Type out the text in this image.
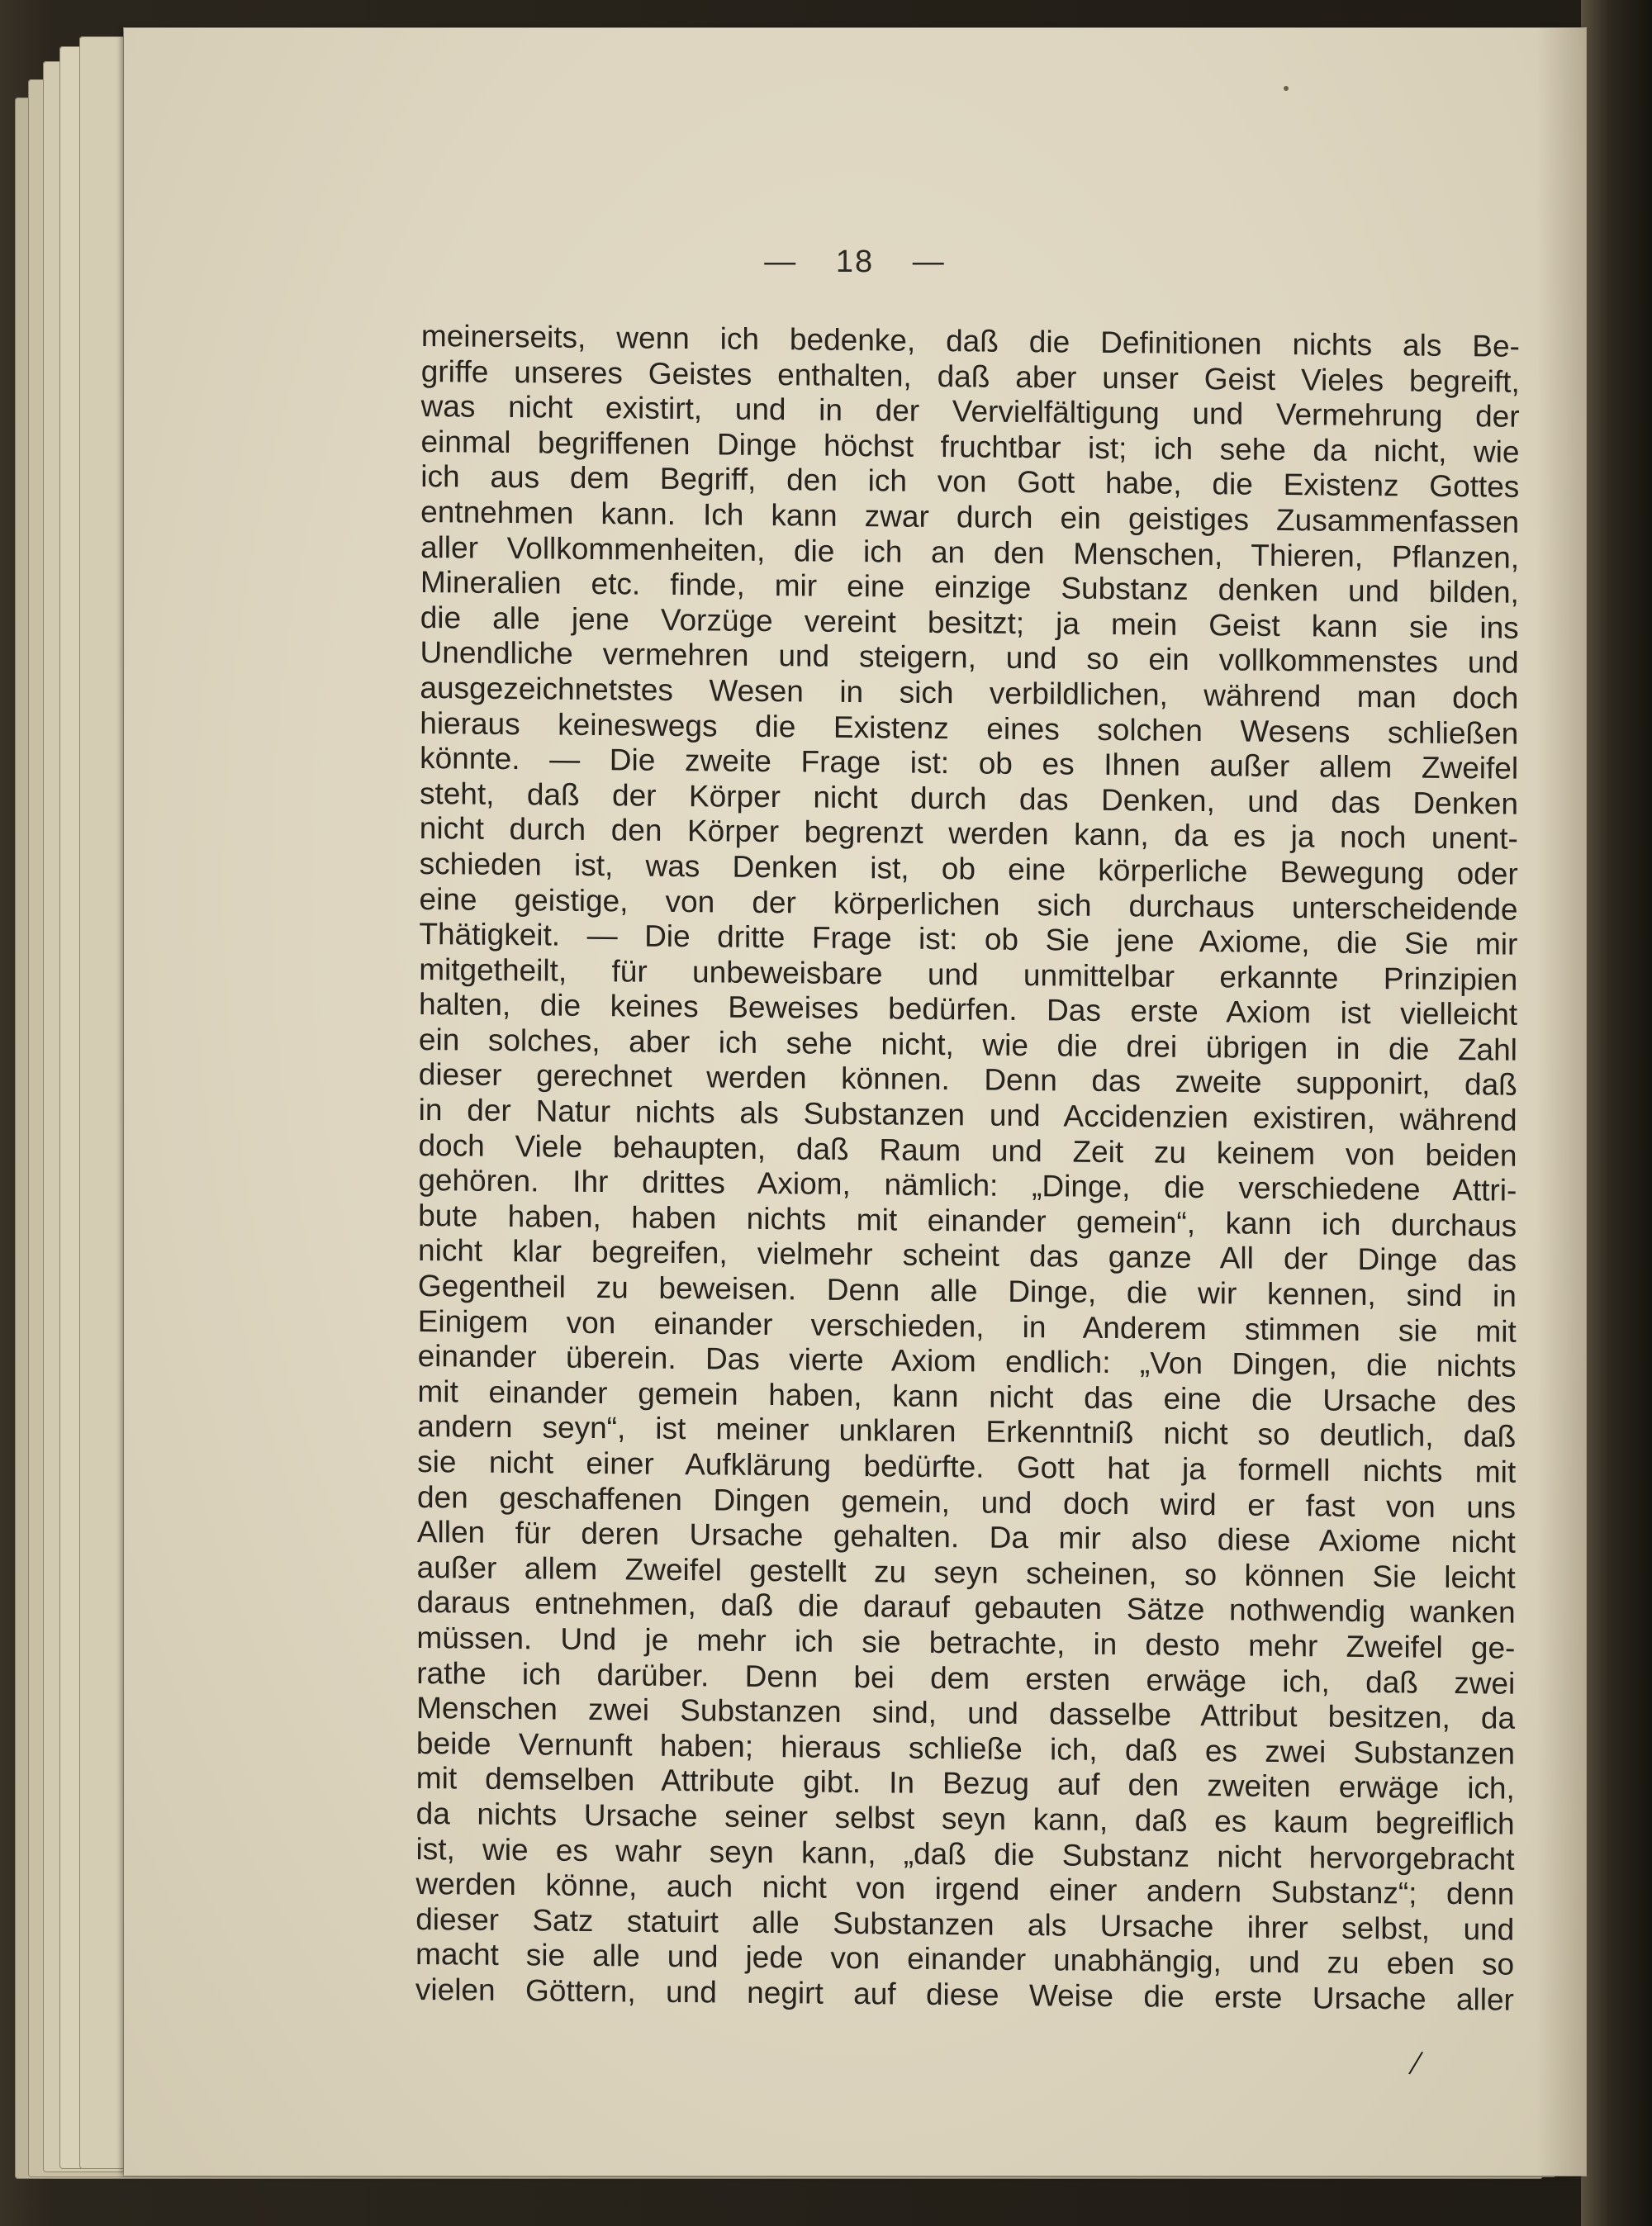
— 18 —
meinerseits, wenn ich bedenke, daß die Definitionen nichts als Be-
griffe unseres Geistes enthalten, daß aber unser Geist Vieles begreift,
was nicht existirt, und in der Vervielfältigung und Vermehrung der
einmal begriffenen Dinge höchst fruchtbar ist; ich sehe da nicht, wie
ich aus dem Begriff, den ich von Gott habe, die Existenz Gottes
entnehmen kann. Ich kann zwar durch ein geistiges Zusammenfassen
aller Vollkommenheiten, die ich an den Menschen, Thieren, Pflanzen,
Mineralien etc. finde, mir eine einzige Substanz denken und bilden,
die alle jene Vorzüge vereint besitzt; ja mein Geist kann sie ins
Unendliche vermehren und steigern, und so ein vollkommenstes und
ausgezeichnetstes Wesen in sich verbildlichen, während man doch
hieraus keineswegs die Existenz eines solchen Wesens schließen
könnte. — Die zweite Frage ist: ob es Ihnen außer allem Zweifel
steht, daß der Körper nicht durch das Denken, und das Denken
nicht durch den Körper begrenzt werden kann, da es ja noch unent-
schieden ist, was Denken ist, ob eine körperliche Bewegung oder
eine geistige, von der körperlichen sich durchaus unterscheidende
Thätigkeit. — Die dritte Frage ist: ob Sie jene Axiome, die Sie mir
mitgetheilt, für unbeweisbare und unmittelbar erkannte Prinzipien
halten, die keines Beweises bedürfen. Das erste Axiom ist vielleicht
ein solches, aber ich sehe nicht, wie die drei übrigen in die Zahl
dieser gerechnet werden können. Denn das zweite supponirt, daß
in der Natur nichts als Substanzen und Accidenzien existiren, während
doch Viele behaupten, daß Raum und Zeit zu keinem von beiden
gehören. Ihr drittes Axiom, nämlich: „Dinge, die verschiedene Attri-
bute haben, haben nichts mit einander gemein“, kann ich durchaus
nicht klar begreifen, vielmehr scheint das ganze All der Dinge das
Gegentheil zu beweisen. Denn alle Dinge, die wir kennen, sind in
Einigem von einander verschieden, in Anderem stimmen sie mit
einander überein. Das vierte Axiom endlich: „Von Dingen, die nichts
mit einander gemein haben, kann nicht das eine die Ursache des
andern seyn“, ist meiner unklaren Erkenntniß nicht so deutlich, daß
sie nicht einer Aufklärung bedürfte. Gott hat ja formell nichts mit
den geschaffenen Dingen gemein, und doch wird er fast von uns
Allen für deren Ursache gehalten. Da mir also diese Axiome nicht
außer allem Zweifel gestellt zu seyn scheinen, so können Sie leicht
daraus entnehmen, daß die darauf gebauten Sätze nothwendig wanken
müssen. Und je mehr ich sie betrachte, in desto mehr Zweifel ge-
rathe ich darüber. Denn bei dem ersten erwäge ich, daß zwei
Menschen zwei Substanzen sind, und dasselbe Attribut besitzen, da
beide Vernunft haben; hieraus schließe ich, daß es zwei Substanzen
mit demselben Attribute gibt. In Bezug auf den zweiten erwäge ich,
da nichts Ursache seiner selbst seyn kann, daß es kaum begreiflich
ist, wie es wahr seyn kann, „daß die Substanz nicht hervorgebracht
werden könne, auch nicht von irgend einer andern Substanz“; denn
dieser Satz statuirt alle Substanzen als Ursache ihrer selbst, und
macht sie alle und jede von einander unabhängig, und zu eben so
vielen Göttern, und negirt auf diese Weise die erste Ursache aller
/
